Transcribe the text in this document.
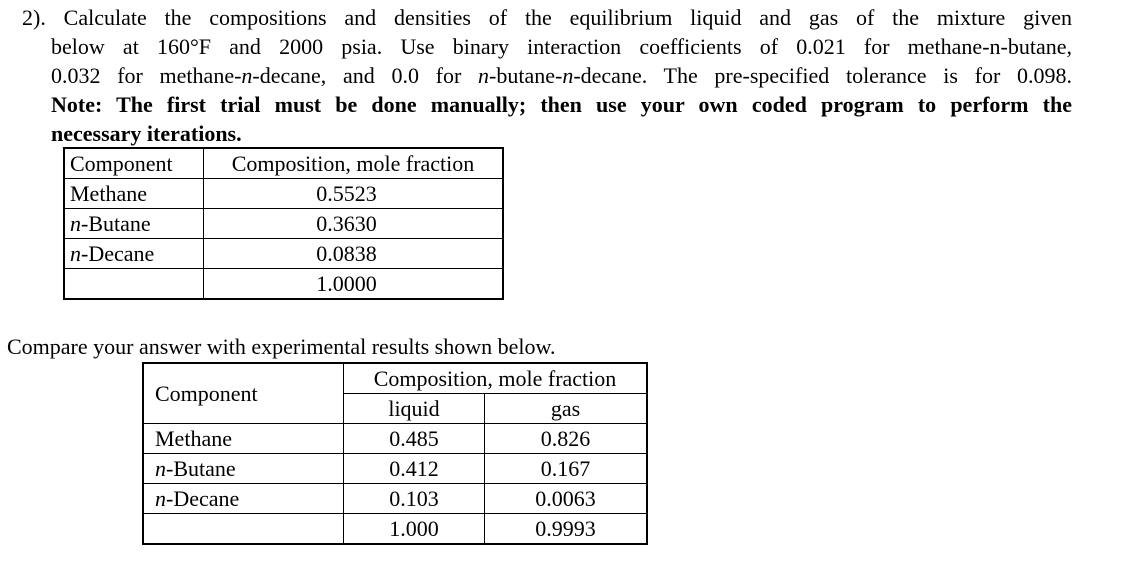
2). Calculate the compositions and densities of the equilibrium liquid and gas of the mixture given
below at 160°F and 2000 psia. Use binary interaction coefficients of 0.021 for methane-n-butane,
0.032 for methane-n-decane, and 0.0 for n-butane-n-decane. The pre-specified tolerance is for 0.098.
Note: The first trial must be done manually; then use your own coded program to perform the
necessary iterations.
Component	Composition, mole fraction
Methane	0.5523
n-Butane	0.3630
n-Decane	0.0838
	1.0000
Compare your answer with experimental results shown below.
Component	Composition, mole fraction	
	liquid	gas
Methane	0.485	0.826
n-Butane	0.412	0.167
n-Decane	0.103	0.0063
	1.000	0.9993
